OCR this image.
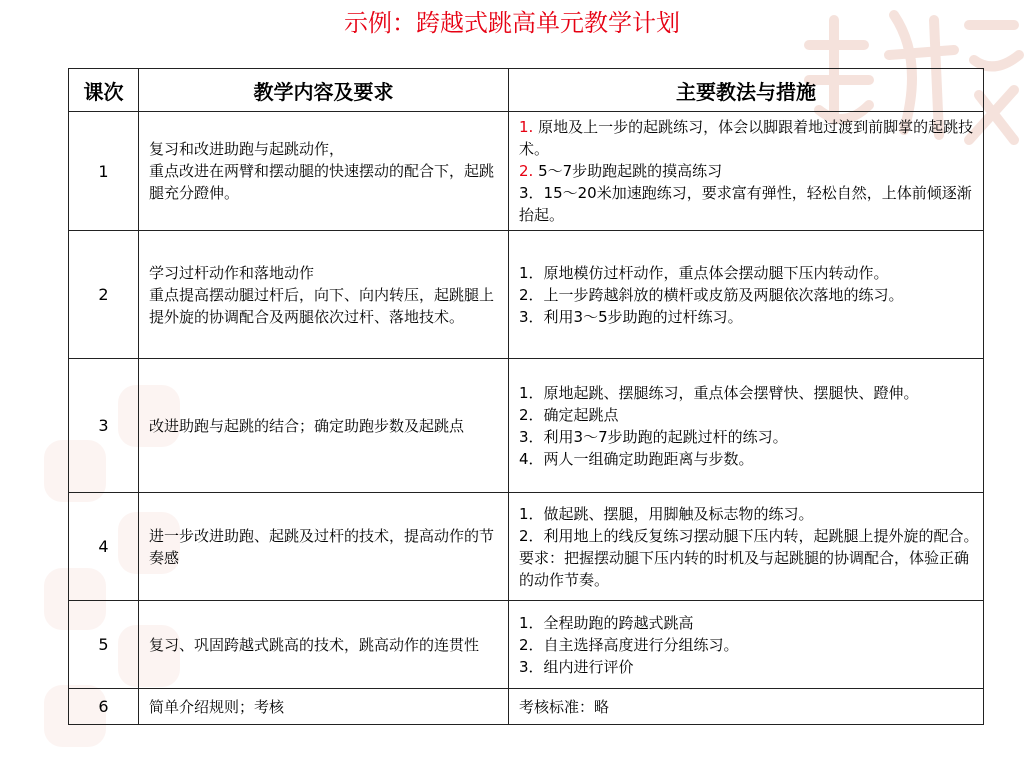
示例：跨越式跳高单元教学计划
课次	教学内容及要求	主要教法与措施
1	复习和改进助跑与起跳动作，
重点改进在两臂和摆动腿的快速摆动的配合下，起跳腿充分蹬伸。	1. 原地及上一步的起跳练习，体会以脚跟着地过渡到前脚掌的起跳技术。
2. 5～7步助跑起跳的摸高练习
3．15～20米加速跑练习，要求富有弹性，轻松自然，上体前倾逐渐抬起。

2	学习过杆动作和落地动作
重点提高摆动腿过杆后，向下、向内转压，起跳腿上提外旋的协调配合及两腿依次过杆、落地技术。	1．原地模仿过杆动作，重点体会摆动腿下压内转动作。
2．上一步跨越斜放的横杆或皮筋及两腿依次落地的练习。
3．利用3～5步助跑的过杆练习。

3	改进助跑与起跳的结合；确定助跑步数及起跳点	1．原地起跳、摆腿练习，重点体会摆臂快、摆腿快、蹬伸。
2．确定起跳点
3．利用3～7步助跑的起跳过杆的练习。
4．两人一组确定助跑距离与步数。

4	进一步改进助跑、起跳及过杆的技术，提高动作的节奏感	1．做起跳、摆腿，用脚触及标志物的练习。
2．利用地上的线反复练习摆动腿下压内转，起跳腿上提外旋的配合。要求：把握摆动腿下压内转的时机及与起跳腿的协调配合，体验正确的动作节奏。

5	复习、巩固跨越式跳高的技术，跳高动作的连贯性	1．全程助跑的跨越式跳高
2．自主选择高度进行分组练习。
3．组内进行评价

6	简单介绍规则；考核	考核标准：略
